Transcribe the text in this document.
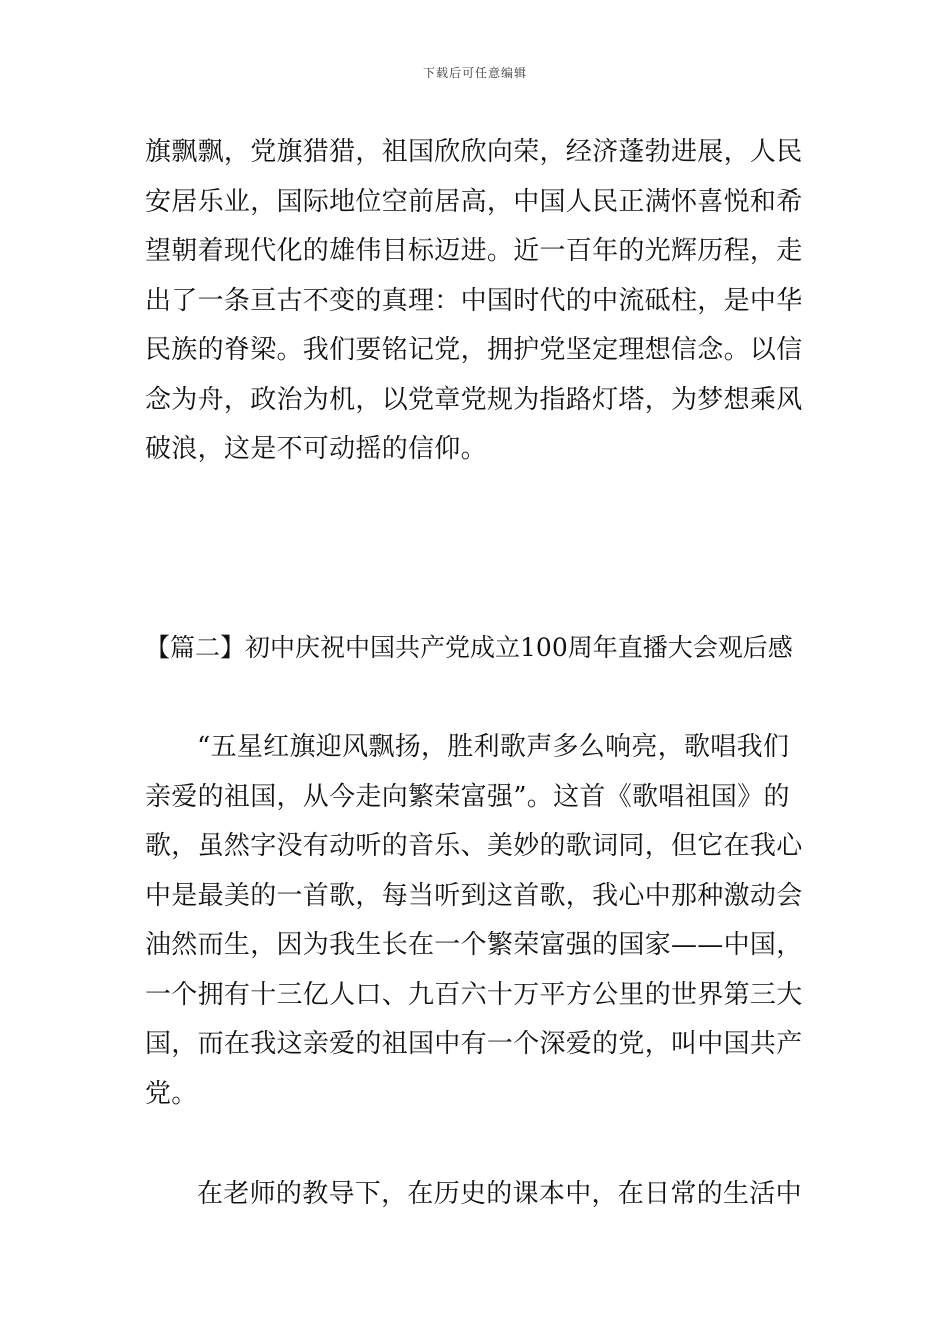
下载后可任意编辑

旗飘飘，党旗猎猎，祖国欣欣向荣，经济蓬勃进展，人民
安居乐业，国际地位空前居高，中国人民正满怀喜悦和希
望朝着现代化的雄伟目标迈进。近一百年的光辉历程，走
出了一条亘古不变的真理：中国时代的中流砥柱，是中华
民族的脊梁。我们要铭记党，拥护党坚定理想信念。以信
念为舟，政治为机，以党章党规为指路灯塔，为梦想乘风
破浪，这是不可动摇的信仰。

【篇二】初中庆祝中国共产党成立100周年直播大会观后感

“五星红旗迎风飘扬，胜利歌声多么响亮，歌唱我们
亲爱的祖国，从今走向繁荣富强”。这首《歌唱祖国》的
歌，虽然字没有动听的音乐、美妙的歌词同，但它在我心
中是最美的一首歌，每当听到这首歌，我心中那种激动会
油然而生，因为我生长在一个繁荣富强的国家——中国，
一个拥有十三亿人口、九百六十万平方公里的世界第三大
国，而在我这亲爱的祖国中有一个深爱的党，叫中国共产
党。

在老师的教导下，在历史的课本中，在日常的生活中
